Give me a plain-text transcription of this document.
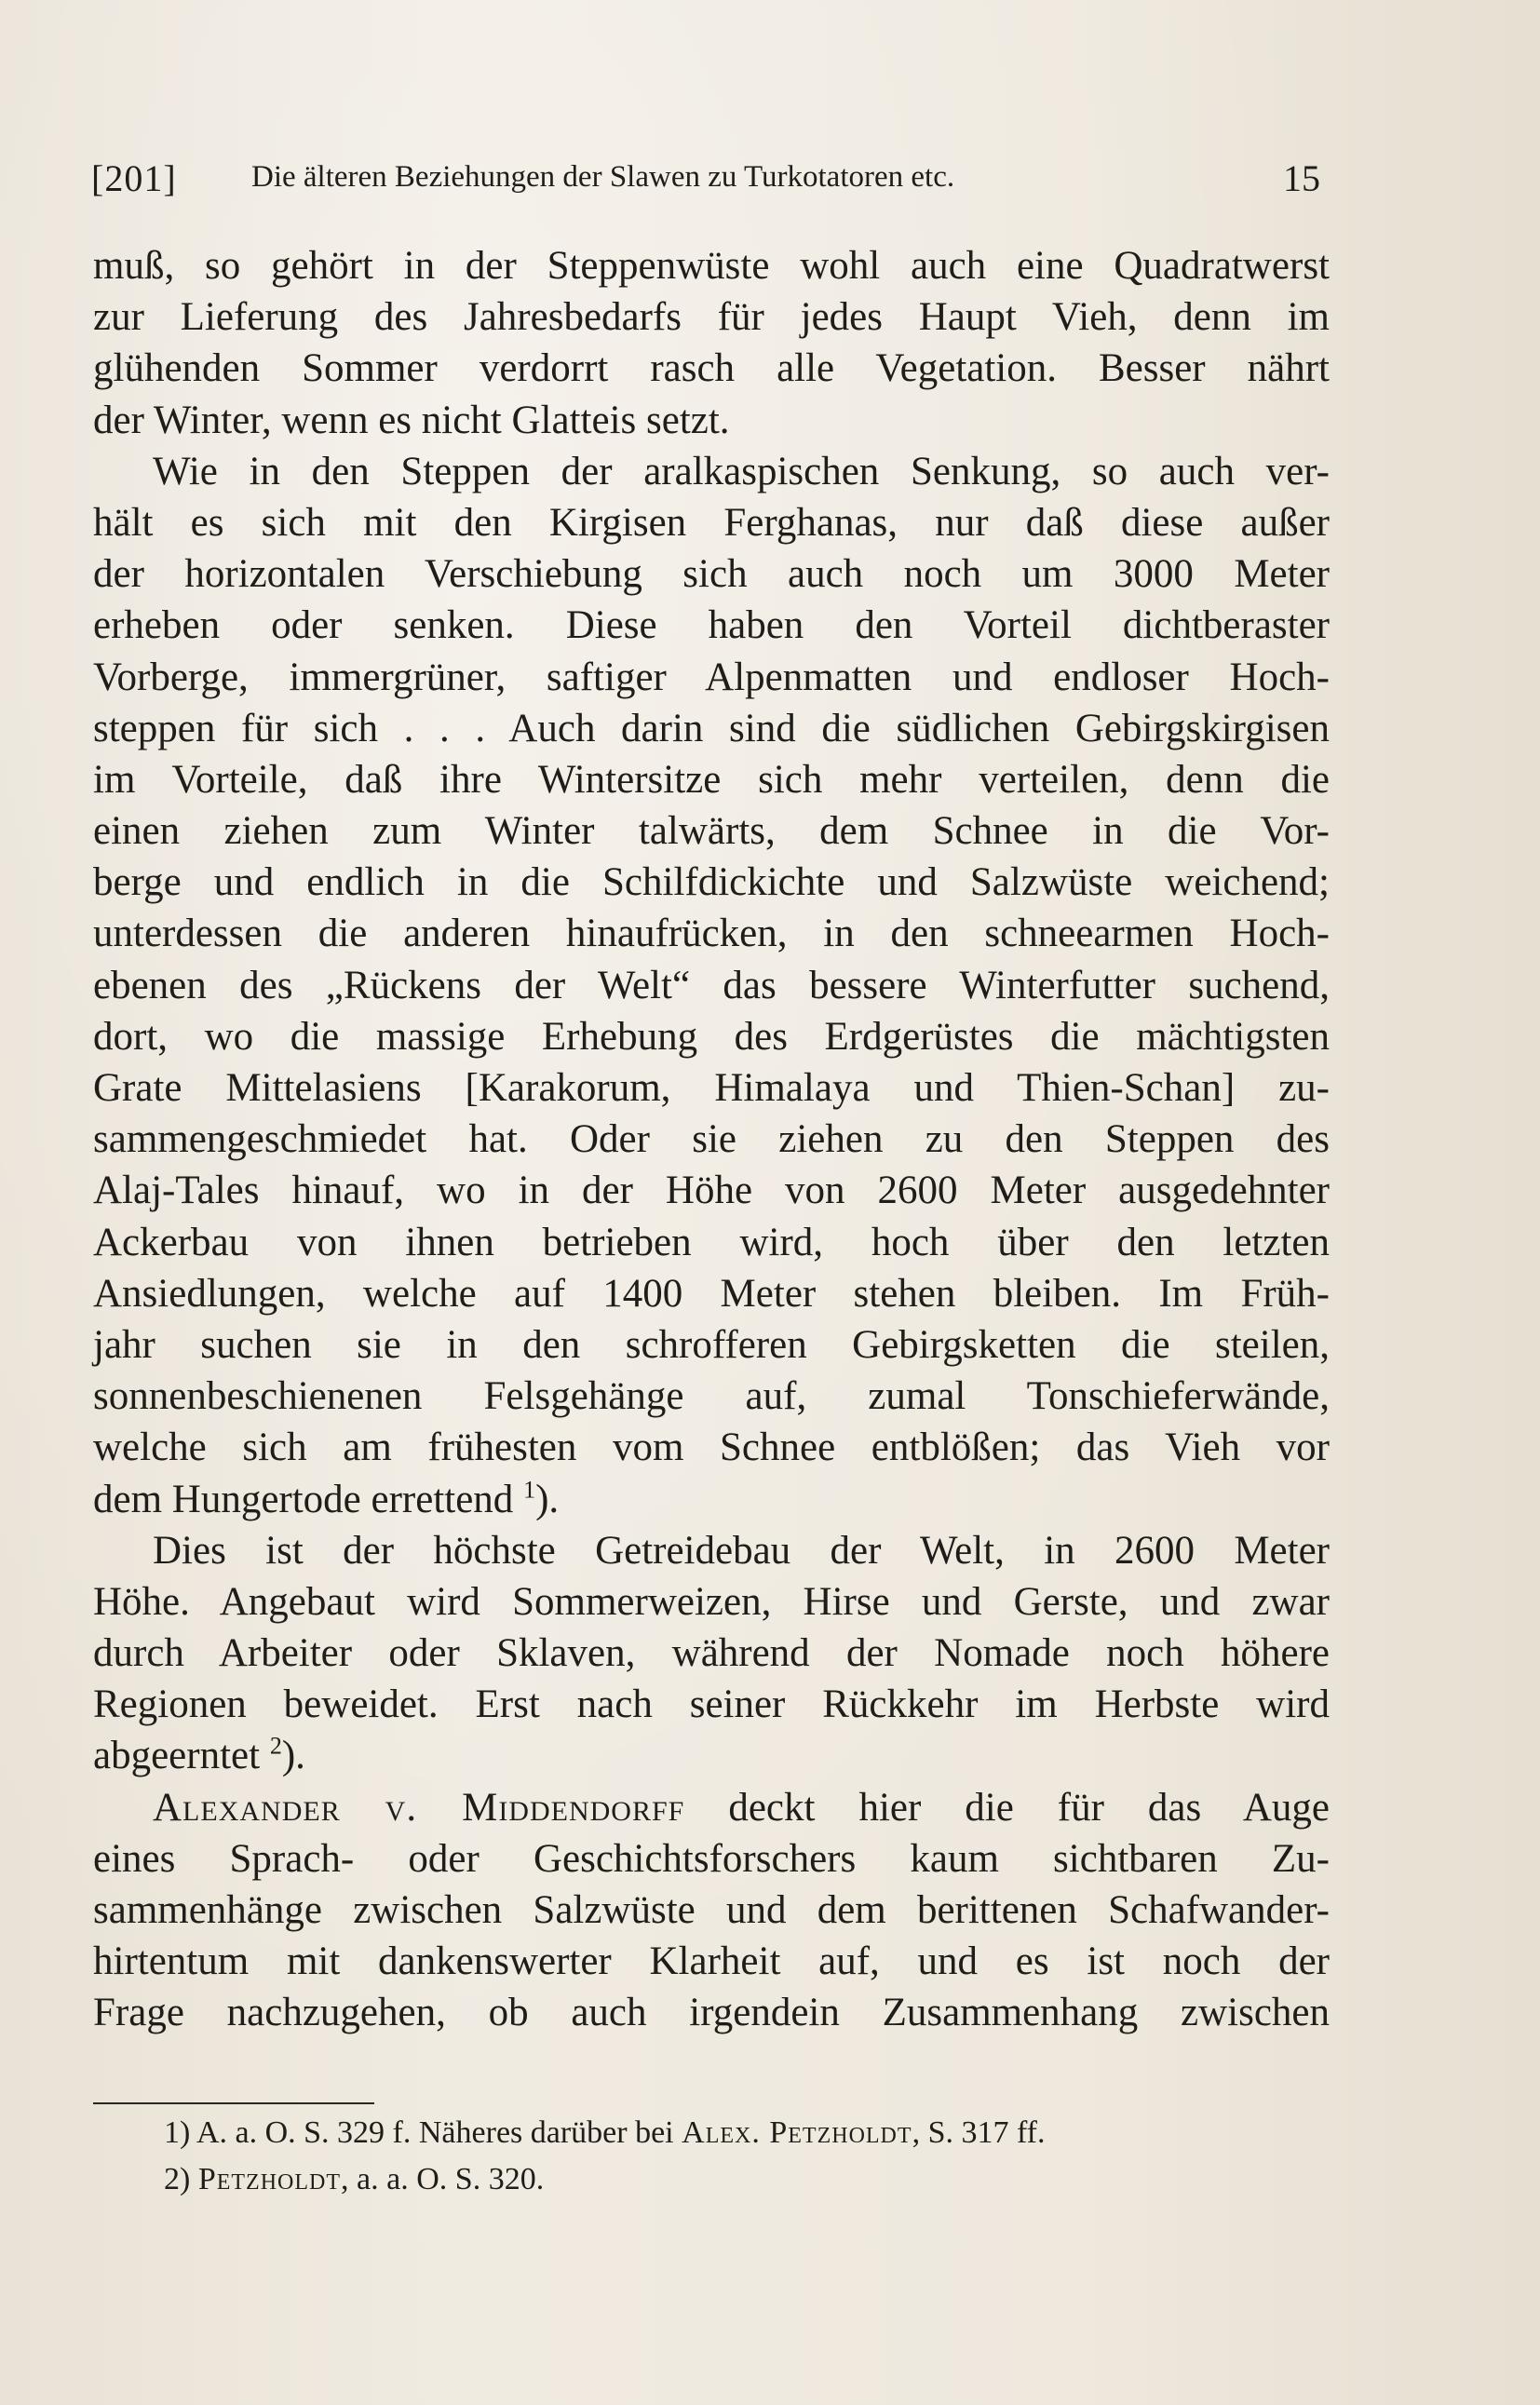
[201] Die älteren Beziehungen der Slawen zu Turkotatoren etc.	15
muß, so gehört in der Steppenwüste wohl auch eine Quadratwerst
zur Lieferung des Jahresbedarfs für jedes Haupt Vieh, denn im
glühenden Sommer verdorrt rasch alle Vegetation. Besser nährt
der Winter, wenn es nicht Glatteis setzt.
Wie in den Steppen der aralkaspischen Senkung, so auch ver-
hält es sich mit den Kirgisen Ferghanas, nur daß diese außer
der horizontalen Verschiebung sich auch noch um 3000 Meter
erheben oder senken. Diese haben den Vorteil dichtberaster
Vorberge, immergrüner, saftiger Alpenmatten und endloser Hoch-
steppen für sich . . . Auch darin sind die südlichen Gebirgskirgisen
im Vorteile, daß ihre Wintersitze sich mehr verteilen, denn die
einen ziehen zum Winter talwärts, dem Schnee in die Vor-
berge und endlich in die Schilfdickichte und Salzwüste weichend;
unterdessen die anderen hinaufrücken, in den schneearmen Hoch-
ebenen des „Rückens der Welt“ das bessere Winterfutter suchend,
dort, wo die massige Erhebung des Erdgerüstes die mächtigsten
Grate Mittelasiens [Karakorum, Himalaya und Thien-Schan] zu-
sammengeschmiedet hat. Oder sie ziehen zu den Steppen des
Alaj-Tales hinauf, wo in der Höhe von 2600 Meter ausgedehnter
Ackerbau von ihnen betrieben wird, hoch über den letzten
Ansiedlungen, welche auf 1400 Meter stehen bleiben. Im Früh-
jahr suchen sie in den schrofferen Gebirgsketten die steilen,
sonnenbeschienenen Felsgehänge auf, zumal Tonschieferwände,
welche sich am frühesten vom Schnee entblößen; das Vieh vor
dem Hungertode errettend $^1$).
Dies ist der höchste Getreidebau der Welt, in 2600 Meter
Höhe. Angebaut wird Sommerweizen, Hirse und Gerste, und zwar
durch Arbeiter oder Sklaven, während der Nomade noch höhere
Regionen beweidet. Erst nach seiner Rückkehr im Herbste wird
abgeerntet $^2$).
Alexander v. Middendorff deckt hier die für das Auge
eines Sprach- oder Geschichtsforschers kaum sichtbaren Zu-
sammenhänge zwischen Salzwüste und dem berittenen Schafwander-
hirtentum mit dankenswerter Klarheit auf, und es ist noch der
Frage nachzugehen, ob auch irgendein Zusammenhang zwischen
1) A. a. O. S. 329 f. Näheres darüber bei Alex. Petzholdt, S. 317 ff.
2) Petzholdt, a. a. O. S. 320.
